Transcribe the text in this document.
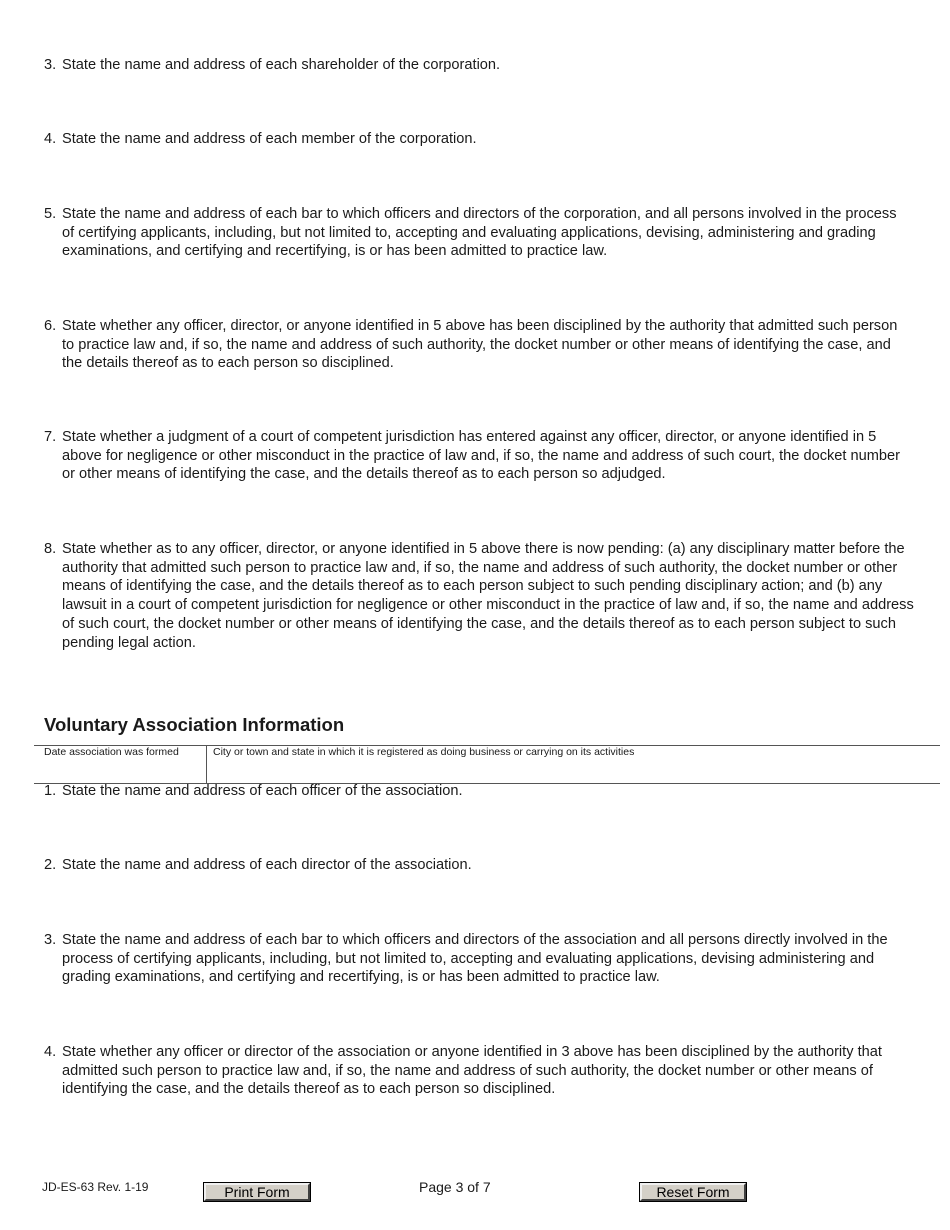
3. State the name and address of each shareholder of the corporation.
4. State the name and address of each member of the corporation.
5. State the name and address of each bar to which officers and directors of the corporation, and all persons involved in the process of certifying applicants, including, but not limited to, accepting and evaluating applications, devising, administering and grading examinations, and certifying and recertifying, is or has been admitted to practice law.
6. State whether any officer, director, or anyone identified in 5 above has been disciplined by the authority that admitted such person to practice law and, if so, the name and address of such authority, the docket number or other means of identifying the case, and the details thereof as to each person so disciplined.
7. State whether a judgment of a court of competent jurisdiction has entered against any officer, director, or anyone identified in 5 above for negligence or other misconduct in the practice of law and, if so, the name and address of such court, the docket number or other means of identifying the case, and the details thereof as to each person so adjudged.
8. State whether as to any officer, director, or anyone identified in 5 above there is now pending: (a) any disciplinary matter before the authority that admitted such person to practice law and, if so, the name and address of such authority, the docket number or other means of identifying the case, and the details thereof as to each person subject to such pending disciplinary action; and (b) any lawsuit in a court of competent jurisdiction for negligence or other misconduct in the practice of law and, if so, the name and address of such court, the docket number or other means of identifying the case, and the details thereof as to each person subject to such pending legal action.
Voluntary Association Information
Date association was formed	City or town and state in which it is registered as doing business or carrying on its activities
1. State the name and address of each officer of the association.
2. State the name and address of each director of the association.
3. State the name and address of each bar to which officers and directors of the association and all persons directly involved in the process of certifying applicants, including, but not limited to, accepting and evaluating applications, devising administering and grading examinations, and certifying and recertifying, is or has been admitted to practice law.
4. State whether any officer or director of the association or anyone identified in 3 above has been disciplined by the authority that admitted such person to practice law and, if so, the name and address of such authority, the docket number or other means of identifying the case, and the details thereof as to each person so disciplined.
JD-ES-63 Rev. 1-19	Print Form	Page 3 of 7	Reset Form
